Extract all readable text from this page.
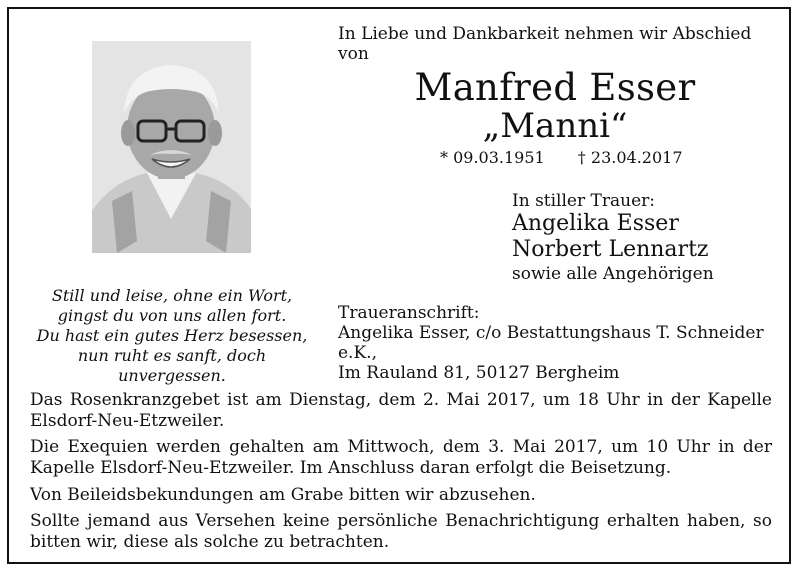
In Liebe und Dankbarkeit nehmen wir Abschied von
Manfred Esser
„Manni“
* 09.03.1951 † 23.04.2017
In stiller Trauer:
Angelika Esser
Norbert Lennartz
sowie alle Angehörigen
Still und leise, ohne ein Wort,
gingst du von uns allen fort.
Du hast ein gutes Herz besessen,
nun ruht es sanft, doch unvergessen.
Traueranschrift:
Angelika Esser, c/o Bestattungshaus T. Schneider e.K.,
Im Rauland 81, 50127 Bergheim
Das Rosenkranzgebet ist am Dienstag, dem 2. Mai 2017, um 18 Uhr in der Kapelle Elsdorf-Neu-Etzweiler.
Die Exequien werden gehalten am Mittwoch, dem 3. Mai 2017, um 10 Uhr in der Kapelle Elsdorf-Neu-Etzweiler. Im Anschluss daran erfolgt die Beisetzung.
Von Beileidsbekundungen am Grabe bitten wir abzusehen.
Sollte jemand aus Versehen keine persönliche Benachrichtigung erhalten haben, so bitten wir, diese als solche zu betrachten.
